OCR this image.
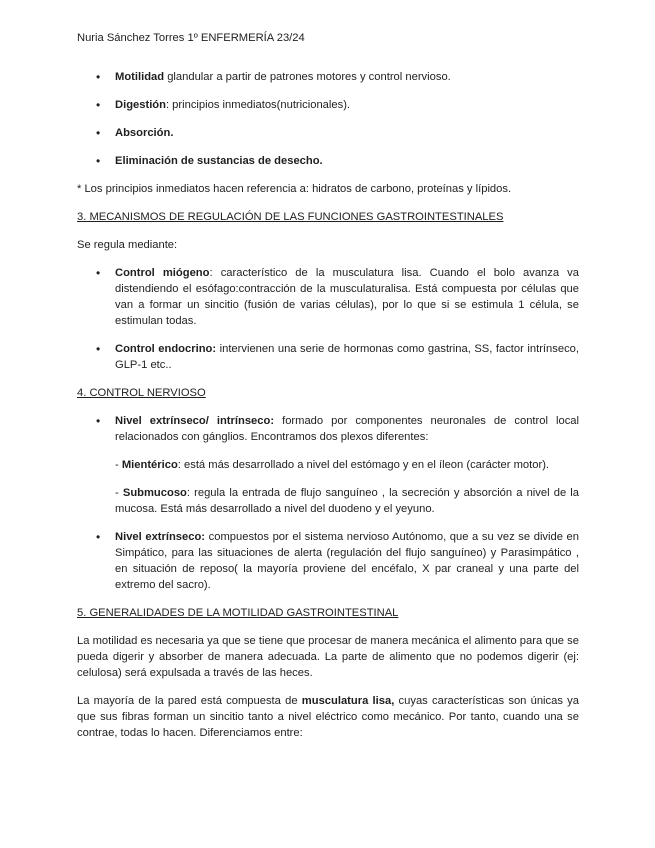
Nuria Sánchez Torres 1º ENFERMERÍA 23/24
• Motilidad glandular a partir de patrones motores y control nervioso.
• Digestión: principios inmediatos(nutricionales).
• Absorción.
• Eliminación de sustancias de desecho.

* Los principios inmediatos hacen referencia a: hidratos de carbono, proteínas y lípidos.

3. MECANISMOS DE REGULACIÓN DE LAS FUNCIONES GASTROINTESTINALES

Se regula mediante:

• Control miógeno: característico de la musculatura lisa. Cuando el bolo avanza va distendiendo el esófago:contracción de la musculaturalisa. Está compuesta por células que van a formar un sincitio (fusión de varias células), por lo que si se estimula 1 célula, se estimulan todas.
• Control endocrino: intervienen una serie de hormonas como gastrina, SS, factor intrínseco, GLP-1 etc..
4. CONTROL NERVIOSO
• Nivel extrínseco/ intrínseco: formado por componentes neuronales de control local relacionados con gánglios. Encontramos dos plexos diferentes:
- Mientérico: está más desarrollado a nivel del estómago y en el íleon (carácter motor).
- Submucoso: regula la entrada de flujo sanguíneo , la secreción y absorción a nivel de la mucosa. Está más desarrollado a nivel del duodeno y el yeyuno.
• Nivel extrínseco: compuestos por el sistema nervioso Autónomo, que a su vez se divide en Simpático, para las situaciones de alerta (regulación del flujo sanguíneo) y Parasimpático , en situación de reposo( la mayoría proviene del encéfalo, X par craneal y una parte del extremo del sacro).
5. GENERALIDADES DE LA MOTILIDAD GASTROINTESTINAL

La motilidad es necesaria ya que se tiene que procesar de manera mecánica el alimento para que se pueda digerir y absorber de manera adecuada. La parte de alimento que no podemos digerir (ej: celulosa) será expulsada a través de las heces.

La mayoría de la pared está compuesta de musculatura lisa, cuyas características son únicas ya que sus fibras forman un sincitio tanto a nivel eléctrico como mecánico. Por tanto, cuando una se contrae, todas lo hacen. Diferenciamos entre:
